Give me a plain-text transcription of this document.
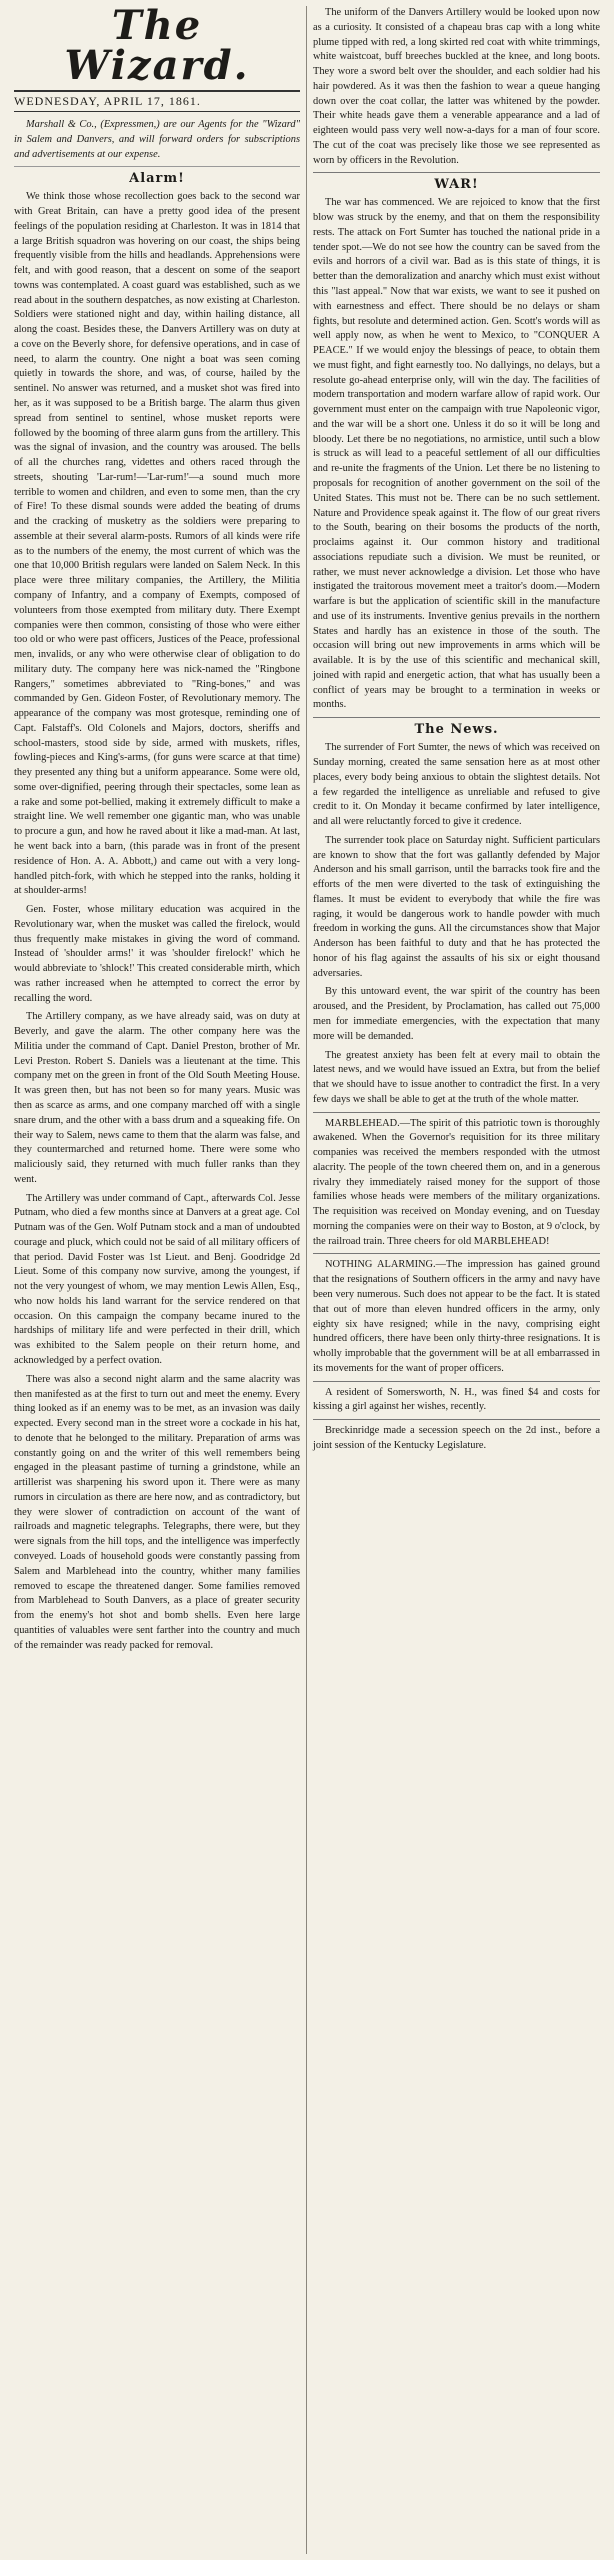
The Wizard.
WEDNESDAY, APRIL 17, 1861.

Marshall & Co., (Expressmen,) are our Agents for the "Wizard" in Salem and Danvers, and will forward orders for subscriptions and advertisements at our expense.

Alarm!

We think those whose recollection goes back to the second war with Great Britain, can have a pretty good idea of the present feelings of the population residing at Charleston. It was in 1814 that a large British squadron was hovering on our coast, the ships being frequently visible from the hills and headlands. Apprehensions were felt, and with good reason, that a descent on some of the seaport towns was contemplated. A coast guard was established, such as we read about in the southern despatches, as now existing at Charleston. Soldiers were stationed night and day, within hailing distance, all along the coast. Besides these, the Danvers Artillery was on duty at a cove on the Beverly shore, for defensive operations, and in case of need, to alarm the country. One night a boat was seen coming quietly in towards the shore, and was, of course, hailed by the sentinel. No answer was returned, and a musket shot was fired into her, as it was supposed to be a British barge. The alarm thus given spread from sentinel to sentinel, whose musket reports were followed by the booming of three alarm guns from the artillery. This was the signal of invasion, and the country was aroused. The bells of all the churches rang, videttes and others raced through the streets, shouting 'Lar-rum!—'Lar-rum!'—a sound much more terrible to women and children, and even to some men, than the cry of Fire! To these dismal sounds were added the beating of drums and the cracking of musketry as the soldiers were preparing to assemble at their several alarm-posts. Rumors of all kinds were rife as to the numbers of the enemy, the most current of which was the one that 10,000 British regulars were landed on Salem Neck. In this place were three military companies, the Artillery, the Militia company of Infantry, and a company of Exempts, composed of volunteers from those exempted from military duty. There Exempt companies were then common, consisting of those who were either too old or who were past officers, Justices of the Peace, professional men, invalids, or any who were otherwise clear of obligation to do military duty. The company here was nick-named the "Ringbone Rangers," sometimes abbreviated to "Ring-bones," and was commanded by Gen. Gideon Foster, of Revolutionary memory. The appearance of the company was most grotesque, reminding one of Capt. Falstaff's. Old Colonels and Majors, doctors, sheriffs and school-masters, stood side by side, armed with muskets, rifles, fowling-pieces and King's-arms, (for guns were scarce at that time) they presented any thing but a uniform appearance. Some were old, some over-dignified, peering through their spectacles, some lean as a rake and some pot-bellied, making it extremely difficult to make a straight line. We well remember one gigantic man, who was unable to procure a gun, and how he raved about it like a mad-man. At last, he went back into a barn, (this parade was in front of the present residence of Hon. A. A. Abbott,) and came out with a very long-handled pitch-fork, with which he stepped into the ranks, holding it at shoulder-arms!

Gen. Foster, whose military education was acquired in the Revolutionary war, when the musket was called the firelock, would thus frequently make mistakes in giving the word of command. Instead of 'shoulder arms!' it was 'shoulder firelock!' which he would abbreviate to 'shlock!' This created considerable mirth, which was rather increased when he attempted to correct the error by recalling the word.

The Artillery company, as we have already said, was on duty at Beverly, and gave the alarm. The other company here was the Militia under the command of Capt. Daniel Preston, brother of Mr. Levi Preston. Robert S. Daniels was a lieutenant at the time. This company met on the green in front of the Old South Meeting House. It was green then, but has not been so for many years. Music was then as scarce as arms, and one company marched off with a single snare drum, and the other with a bass drum and a squeaking fife. On their way to Salem, news came to them that the alarm was false, and they countermarched and returned home. There were some who maliciously said, they returned with much fuller ranks than they went.

The Artillery was under command of Capt., afterwards Col. Jesse Putnam, who died a few months since at Danvers at a great age. Col Putnam was of the Gen. Wolf Putnam stock and a man of undoubted courage and pluck, which could not be said of all military officers of that period. David Foster was 1st Lieut. and Benj. Goodridge 2d Lieut. Some of this company now survive, among the youngest, if not the very youngest of whom, we may mention Lewis Allen, Esq., who now holds his land warrant for the service rendered on that occasion. On this campaign the company became inured to the hardships of military life and were perfected in their drill, which was exhibited to the Salem people on their return home, and acknowledged by a perfect ovation.

There was also a second night alarm and the same alacrity was then manifested as at the first to turn out and meet the enemy. Every thing looked as if an enemy was to be met, as an invasion was daily expected. Every second man in the street wore a cockade in his hat, to denote that he belonged to the military. Preparation of arms was constantly going on and the writer of this well remembers being engaged in the pleasant pastime of turning a grindstone, while an artillerist was sharpening his sword upon it. There were as many rumors in circulation as there are here now, and as contradictory, but they were slower of contradiction on account of the want of railroads and magnetic telegraphs. Telegraphs, there were, but they were signals from the hill tops, and the intelligence was imperfectly conveyed. Loads of household goods were constantly passing from Salem and Marblehead into the country, whither many families removed to escape the threatened danger. Some families removed from Marblehead to South Danvers, as a place of greater security from the enemy's hot shot and bomb shells. Even here large quantities of valuables were sent farther into the country and much of the remainder was ready packed for removal.

The uniform of the Danvers Artillery would be looked upon now as a curiosity. It consisted of a chapeau bras cap with a long white plume tipped with red, a long skirted red coat with white trimmings, white waistcoat, buff breeches buckled at the knee, and long boots. They wore a sword belt over the shoulder, and each soldier had his hair powdered. As it was then the fashion to wear a queue hanging down over the coat collar, the latter was whitened by the powder. Their white heads gave them a venerable appearance and a lad of eighteen would pass very well now-a-days for a man of four score. The cut of the coat was precisely like those we see represented as worn by officers in the Revolution.

WAR!

The war has commenced. We are rejoiced to know that the first blow was struck by the enemy, and that on them the responsibility rests. The attack on Fort Sumter has touched the national pride in a tender spot.—We do not see how the country can be saved from the evils and horrors of a civil war. Bad as is this state of things, it is better than the demoralization and anarchy which must exist without this "last appeal." Now that war exists, we want to see it pushed on with earnestness and effect. There should be no delays or sham fights, but resolute and determined action. Gen. Scott's words will as well apply now, as when he went to Mexico, to "CONQUER A PEACE." If we would enjoy the blessings of peace, to obtain them we must fight, and fight earnestly too. No dallyings, no delays, but a resolute go-ahead enterprise only, will win the day. The facilities of modern transportation and modern warfare allow of rapid work. Our government must enter on the campaign with true Napoleonic vigor, and the war will be a short one. Unless it do so it will be long and bloody. Let there be no negotiations, no armistice, until such a blow is struck as will lead to a peaceful settlement of all our difficulties and re-unite the fragments of the Union. Let there be no listening to proposals for recognition of another government on the soil of the United States. This must not be. There can be no such settlement. Nature and Providence speak against it. The flow of our great rivers to the South, bearing on their bosoms the products of the north, proclaims against it. Our common history and traditional associations repudiate such a division. We must be reunited, or rather, we must never acknowledge a division. Let those who have instigated the traitorous movement meet a traitor's doom.—Modern warfare is but the application of scientific skill in the manufacture and use of its instruments. Inventive genius prevails in the northern States and hardly has an existence in those of the south. The occasion will bring out new improvements in arms which will be available. It is by the use of this scientific and mechanical skill, joined with rapid and energetic action, that what has usually been a conflict of years may be brought to a termination in weeks or months.

The News.

The surrender of Fort Sumter, the news of which was received on Sunday morning, created the same sensation here as at most other places, every body being anxious to obtain the slightest details. Not a few regarded the intelligence as unreliable and refused to give credit to it. On Monday it became confirmed by later intelligence, and all were reluctantly forced to give it credence.

The surrender took place on Saturday night. Sufficient particulars are known to show that the fort was gallantly defended by Major Anderson and his small garrison, until the barracks took fire and the efforts of the men were diverted to the task of extinguishing the flames. It must be evident to everybody that while the fire was raging, it would be dangerous work to handle powder with much freedom in working the guns. All the circumstances show that Major Anderson has been faithful to duty and that he has protected the honor of his flag against the assaults of his six or eight thousand adversaries.

By this untoward event, the war spirit of the country has been aroused, and the President, by Proclamation, has called out 75,000 men for immediate emergencies, with the expectation that many more will be demanded.

The greatest anxiety has been felt at every mail to obtain the latest news, and we would have issued an Extra, but from the belief that we should have to issue another to contradict the first. In a very few days we shall be able to get at the truth of the whole matter.

MARBLEHEAD.—The spirit of this patriotic town is thoroughly awakened. When the Governor's requisition for its three military companies was received the members responded with the utmost alacrity. The people of the town cheered them on, and in a generous rivalry they immediately raised money for the support of those families whose heads were members of the military organizations. The requisition was received on Monday evening, and on Tuesday morning the companies were on their way to Boston, at 9 o'clock, by the railroad train. Three cheers for old MARBLEHEAD!

NOTHING ALARMING.—The impression has gained ground that the resignations of Southern officers in the army and navy have been very numerous. Such does not appear to be the fact. It is stated that out of more than eleven hundred officers in the army, only eighty six have resigned; while in the navy, comprising eight hundred officers, there have been only thirty-three resignations. It is wholly improbable that the government will be at all embarrassed in its movements for the want of proper officers.

A resident of Somersworth, N. H., was fined $4 and costs for kissing a girl against her wishes, recently.

Breckinridge made a secession speech on the 2d inst., before a joint session of the Kentucky Legislature.
